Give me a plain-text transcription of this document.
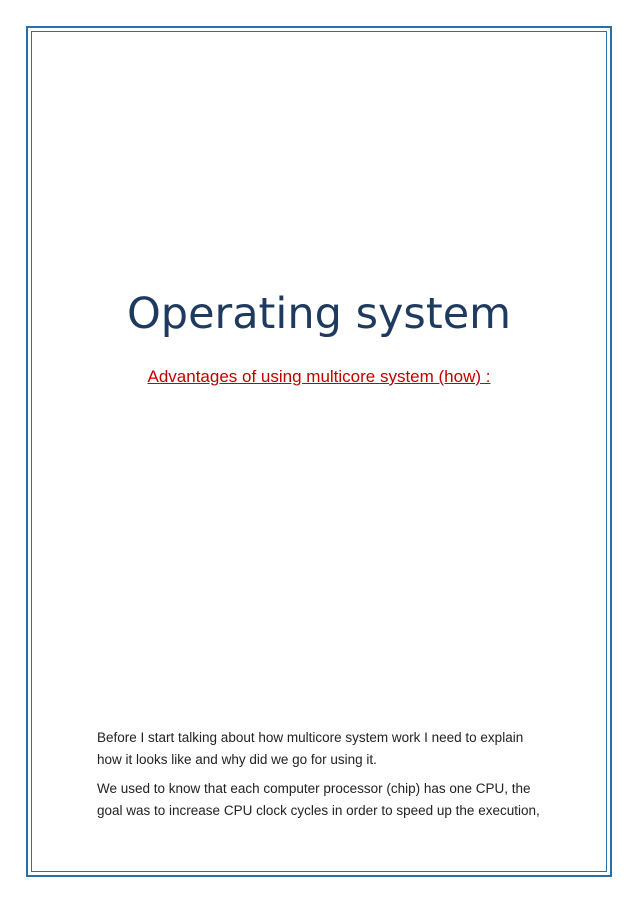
Operating system
Advantages of using multicore system (how) :

Before I start talking about how multicore system work I need to explain how it looks like and why did we go for using it.

We used to know that each computer processor (chip) has one CPU, the goal was to increase CPU clock cycles in order to speed up the execution,
